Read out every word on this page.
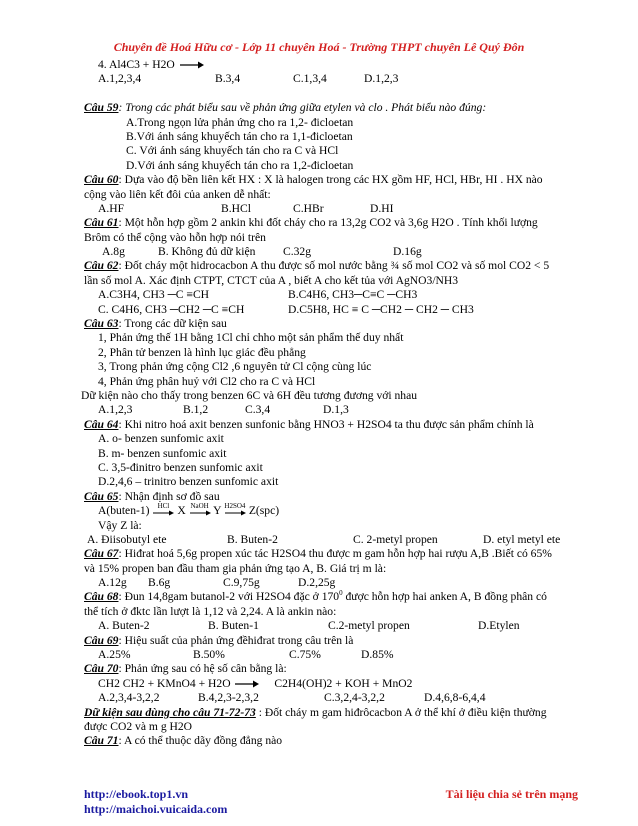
Chuyên đề Hoá Hữu cơ - Lớp 11 chuyên Hoá - Trường THPT chuyên Lê Quý Đôn
4. Al4C3 + H2O →
A.1,2,3,4	B.3,4	C.1,3,4	D.1,2,3
Câu 59: Trong các phát biểu sau về phản ứng giữa etylen và clo . Phát biểu nào đúng:
A.Trong ngọn lửa phản ứng cho ra 1,2- đicloetan
B.Với ánh sáng khuyếch tán cho ra 1,1-đicloetan
C. Với ánh sáng khuyếch tán cho ra C và HCl
D.Với ánh sáng khuyếch tán cho ra 1,2-đicloetan
Câu 60: Dựa vào độ bền liên kết HX : X là halogen trong các HX gồm HF, HCl, HBr, HI . HX nào
cộng vào liên kết đôi của anken dễ nhất:
A.HF	B.HCl	C.HBr	D.HI
Câu 61: Một hỗn hợp gồm 2 ankin khi đốt cháy cho ra 13,2g CO2 và 3,6g H2O . Tính khối lượng
Brôm có thể cộng vào hỗn hợp nói trên
A.8g	B. Không đủ dữ kiện	C.32g	D.16g
Câu 62: Đốt cháy một hidrocacbon A thu được số mol nước bằng ¾ số mol CO2 và số mol CO2 < 5
lần số mol A. Xác định CTPT, CTCT của A , biết A cho kết tủa với AgNO3/NH3
A.C3H4, CH3 ─C ≡CH	B.C4H6, CH3─C≡C ─CH3
C. C4H6, CH3 ─CH2 ─C ≡CH	D.C5H8, HC ≡ C ─CH2 ─ CH2 ─ CH3
Câu 63: Trong các dữ kiện sau
1, Phản ứng thế 1H bằng 1Cl chỉ chho một sản phẩm thế duy nhất
2, Phân tử benzen là hình lục giác đều phẳng
3, Trong phản ứng cộng Cl2 ,6 nguyên tử Cl cộng cùng lúc
4, Phản ứng phân huỷ với Cl2 cho ra C và HCl
Dữ kiện nào cho thấy trong benzen 6C và 6H đều tương đương với nhau
A.1,2,3	B.1,2	C.3,4	D.1,3
Câu 64: Khi nitro hoá axit benzen sunfonic bằng HNO3 + H2SO4 ta thu được sản phẩm chính là
A. o- benzen sunfomic axit
B. m- benzen sunfomic axit
C. 3,5-đinitro benzen sunfomic axit
D.2,4,6 – trinitro benzen sunfomic axit
Câu 65: Nhận định sơ đồ sau
A(buten-1)	HCl X NaOH Y H2SO4 Z(spc)
Vậy Z là:
A. Điisobutyl ete	B. Buten-2	C. 2-metyl propen	D. etyl metyl ete
Câu 67: Hiđrat hoá 5,6g propen xúc tác H2SO4 thu được m gam hỗn hợp hai rượu A,B .Biết có 65%
và 15% propen ban đầu tham gia phản ứng tạo A, B. Giá trị m là:
A.12g	B.6g	C.9,75g	D.2,25g
Câu 68: Đun 14,8gam butanol-2 với H2SO4 đặc ở $170^0$ được hỗn hợp hai anken A, B đồng phân có
thể tích ở đktc lần lượt là 1,12 và 2,24. A là ankin nào:
A. Buten-2	B. Buten-1	C.2-metyl propen	D.Etylen
Câu 69: Hiệu suất của phản ứng đềhiđrat trong câu trên là
A.25%	B.50%	C.75%	D.85%
Câu 70: Phản ứng sau có hệ số cân bằng là:
CH2 CH2 + KMnO4 + H2O → C2H4(OH)2 + KOH + MnO2
A.2,3,4-3,2,2	B.4,2,3-2,3,2	C.3,2,4-3,2,2	D.4,6,8-6,4,4
Dữ kiện sau dùng cho câu 71-72-73 : Đốt cháy m gam hiđrôcacbon A ở thể khí ở điều kiện thường
được CO2 và m g H2O
Câu 71: A có thể thuộc dãy đồng đẳng nào
http://ebook.top1.vn
http://maichoi.vuicaida.com
Tài liệu chia sẻ trên mạng
